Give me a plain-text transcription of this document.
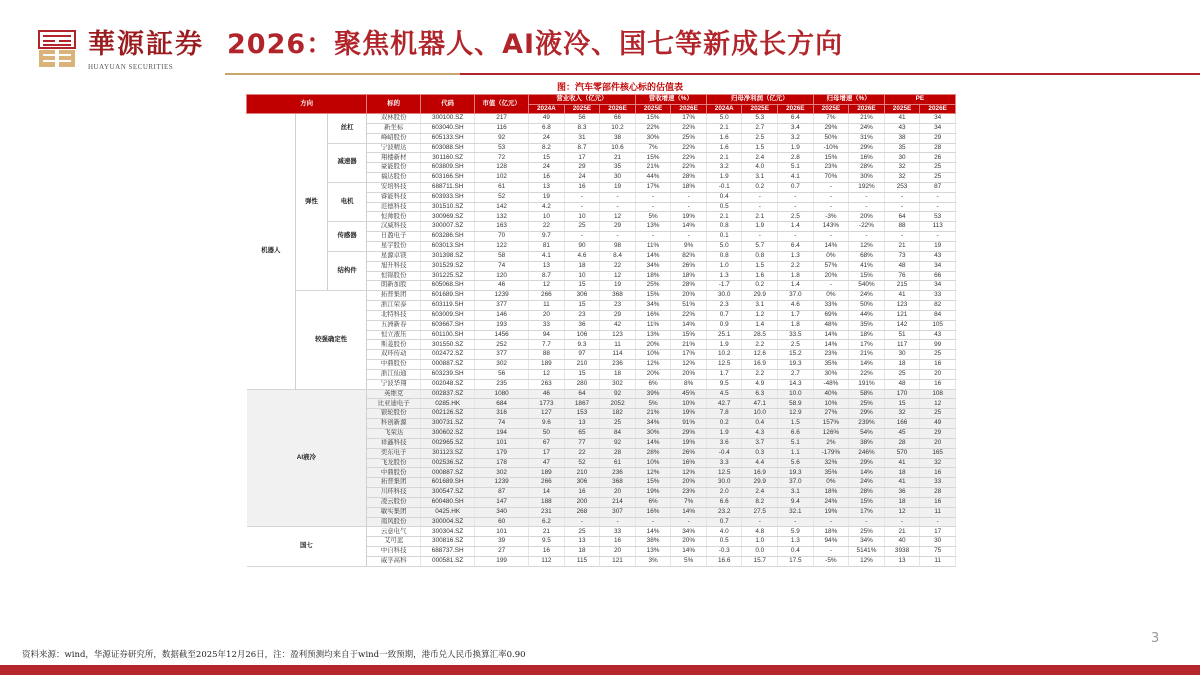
華源証券
HUAYUAN SECURITIES
2026：聚焦机器人、AI液冷、国七等新成长方向
图：汽车零部件核心标的估值表
方向			标的	代码	市值（亿元）	营业收入（亿元）			营收增速（%）		归母净利润（亿元）			归母增速（%）		PE	
						2024A	2025E	2026E	2025E	2026E	2024A	2025E	2026E	2025E	2026E	2025E	2026E
机器人	弹性	丝杠	双林股份	300100.SZ	217	49	56	66	15%	17%	5.0	5.3	6.4	7%	21%	41	34
			新坐标	603040.SH	116	6.8	8.3	10.2	22%	22%	2.1	2.7	3.4	29%	24%	43	34
			峰岹股份	605133.SH	92	24	31	38	30%	25%	1.6	2.5	3.2	50%	31%	38	29
		减速器	宁波精达	603088.SH	53	8.2	8.7	10.6	7%	22%	1.6	1.5	1.9	-10%	29%	35	28
			翔楼新材	301160.SZ	72	15	17	21	15%	22%	2.1	2.4	2.8	15%	16%	30	26
			豪能股份	603809.SH	128	24	29	35	21%	22%	3.2	4.0	5.1	23%	28%	32	25
			福达股份	603166.SH	102	16	24	30	44%	28%	1.9	3.1	4.1	70%	30%	32	25
		电机	安培科技	688711.SH	61	13	16	19	17%	18%	-0.1	0.2	0.7	-	192%	253	87
			睿能科技	603933.SH	52	19	-	-	-	-	0.4	-	-	-	-	-	-
			范德科技	301510.SZ	142	4.2	-	-	-	-	0.5	-	-	-	-	-	-
			恒帅股份	300969.SZ	132	10	10	12	5%	19%	2.1	2.1	2.5	-3%	20%	64	53
		传感器	汉威科技	300007.SZ	163	22	25	29	13%	14%	0.8	1.9	1.4	143%	-22%	88	113
			日盈电子	603286.SH	70	9.7	-	-	-	-	0.1	-	-	-	-	-	-
			星宇股份	603013.SH	122	81	90	98	11%	9%	5.0	5.7	6.4	14%	12%	21	19
		结构件	星源卓镁	301398.SZ	58	4.1	4.6	8.4	14%	82%	0.8	0.8	1.3	0%	68%	73	43
			旭升科技	301529.SZ	74	13	18	22	34%	26%	1.0	1.5	2.2	57%	41%	48	34
			恒锦股份	301225.SZ	120	8.7	10	12	18%	18%	1.3	1.6	1.8	20%	15%	76	66
			朗新加股	605068.SH	46	12	15	19	25%	28%	-1.7	0.2	1.4	-	540%	215	34
	较强确定性		拓普集团	601689.SH	1239	266	306	368	15%	20%	30.0	29.9	37.0	0%	24%	41	33
			浙江荣泰	603119.SH	377	11	15	23	34%	51%	2.3	3.1	4.6	33%	50%	123	82
			北特科技	603009.SH	146	20	23	29	16%	22%	0.7	1.2	1.7	69%	44%	121	84
			五洲新春	603667.SH	193	33	36	42	11%	14%	0.9	1.4	1.8	48%	35%	142	105
			恒立液压	601100.SH	1456	94	106	123	13%	15%	25.1	28.5	33.5	14%	18%	51	43
			斯菱股份	301550.SZ	252	7.7	9.3	11	20%	21%	1.9	2.2	2.5	14%	17%	117	99
			双环传动	002472.SZ	377	88	97	114	10%	17%	10.2	12.6	15.2	23%	21%	30	25
			中鼎股份	000887.SZ	302	189	210	236	12%	12%	12.5	16.9	19.3	35%	14%	18	16
			浙江仙通	603239.SH	56	12	15	18	20%	20%	1.7	2.2	2.7	30%	22%	25	20
			宁波华翔	002048.SZ	235	263	280	302	6%	8%	9.5	4.9	14.3	-48%	191%	48	16
AI液冷			英维克	002837.SZ	1080	46	64	92	39%	45%	4.5	6.3	10.0	40%	58%	170	108
			比亚迪电子	0285.HK	684	1773	1867	2052	5%	10%	42.7	47.1	58.9	10%	25%	15	12
			银轮股份	002126.SZ	316	127	153	182	21%	19%	7.8	10.0	12.9	27%	29%	32	25
			科创新源	300731.SZ	74	9.6	13	25	34%	91%	0.2	0.4	1.5	157%	239%	166	49
			飞荣达	300602.SZ	194	50	65	84	30%	29%	1.9	4.3	6.6	126%	54%	45	29
			祥鑫科技	002965.SZ	101	67	77	92	14%	19%	3.6	3.7	5.1	2%	38%	28	20
			奕东电子	301123.SZ	179	17	22	28	28%	26%	-0.4	0.3	1.1	-179%	246%	570	165
			飞龙股份	002536.SZ	178	47	52	61	10%	16%	3.3	4.4	5.6	32%	29%	41	32
			中鼎股份	000887.SZ	302	189	210	236	12%	12%	12.5	16.9	19.3	35%	14%	18	16
			拓普集团	601689.SH	1239	266	306	368	15%	20%	30.0	29.9	37.0	0%	24%	41	33
			川环科技	300547.SZ	87	14	16	20	19%	23%	2.0	2.4	3.1	18%	28%	36	28
			凌云股份	600480.SH	147	188	200	214	6%	7%	6.6	8.2	9.4	24%	15%	18	16
			敏实集团	0425.HK	340	231	268	307	16%	14%	23.2	27.5	32.1	19%	17%	12	11
			南风股份	300004.SZ	60	6.2	-	-	-	-	0.7	-	-	-	-	-	-
国七			云意电气	300304.SZ	101	21	25	33	14%	34%	4.0	4.8	5.9	18%	25%	21	17
			艾可蓝	300816.SZ	39	9.5	13	16	38%	20%	0.5	1.0	1.3	94%	34%	40	30
			中自科技	688737.SH	27	16	18	20	13%	14%	-0.3	0.0	0.4	-	5141%	3938	75
			威孚高科	000581.SZ	199	112	115	121	3%	5%	16.6	15.7	17.5	-5%	12%	13	11
资料来源：wind，华源证券研究所，数据截至2025年12月26日，注：盈利预测均来自于wind一致预期，港币兑人民币换算汇率0.90
3
